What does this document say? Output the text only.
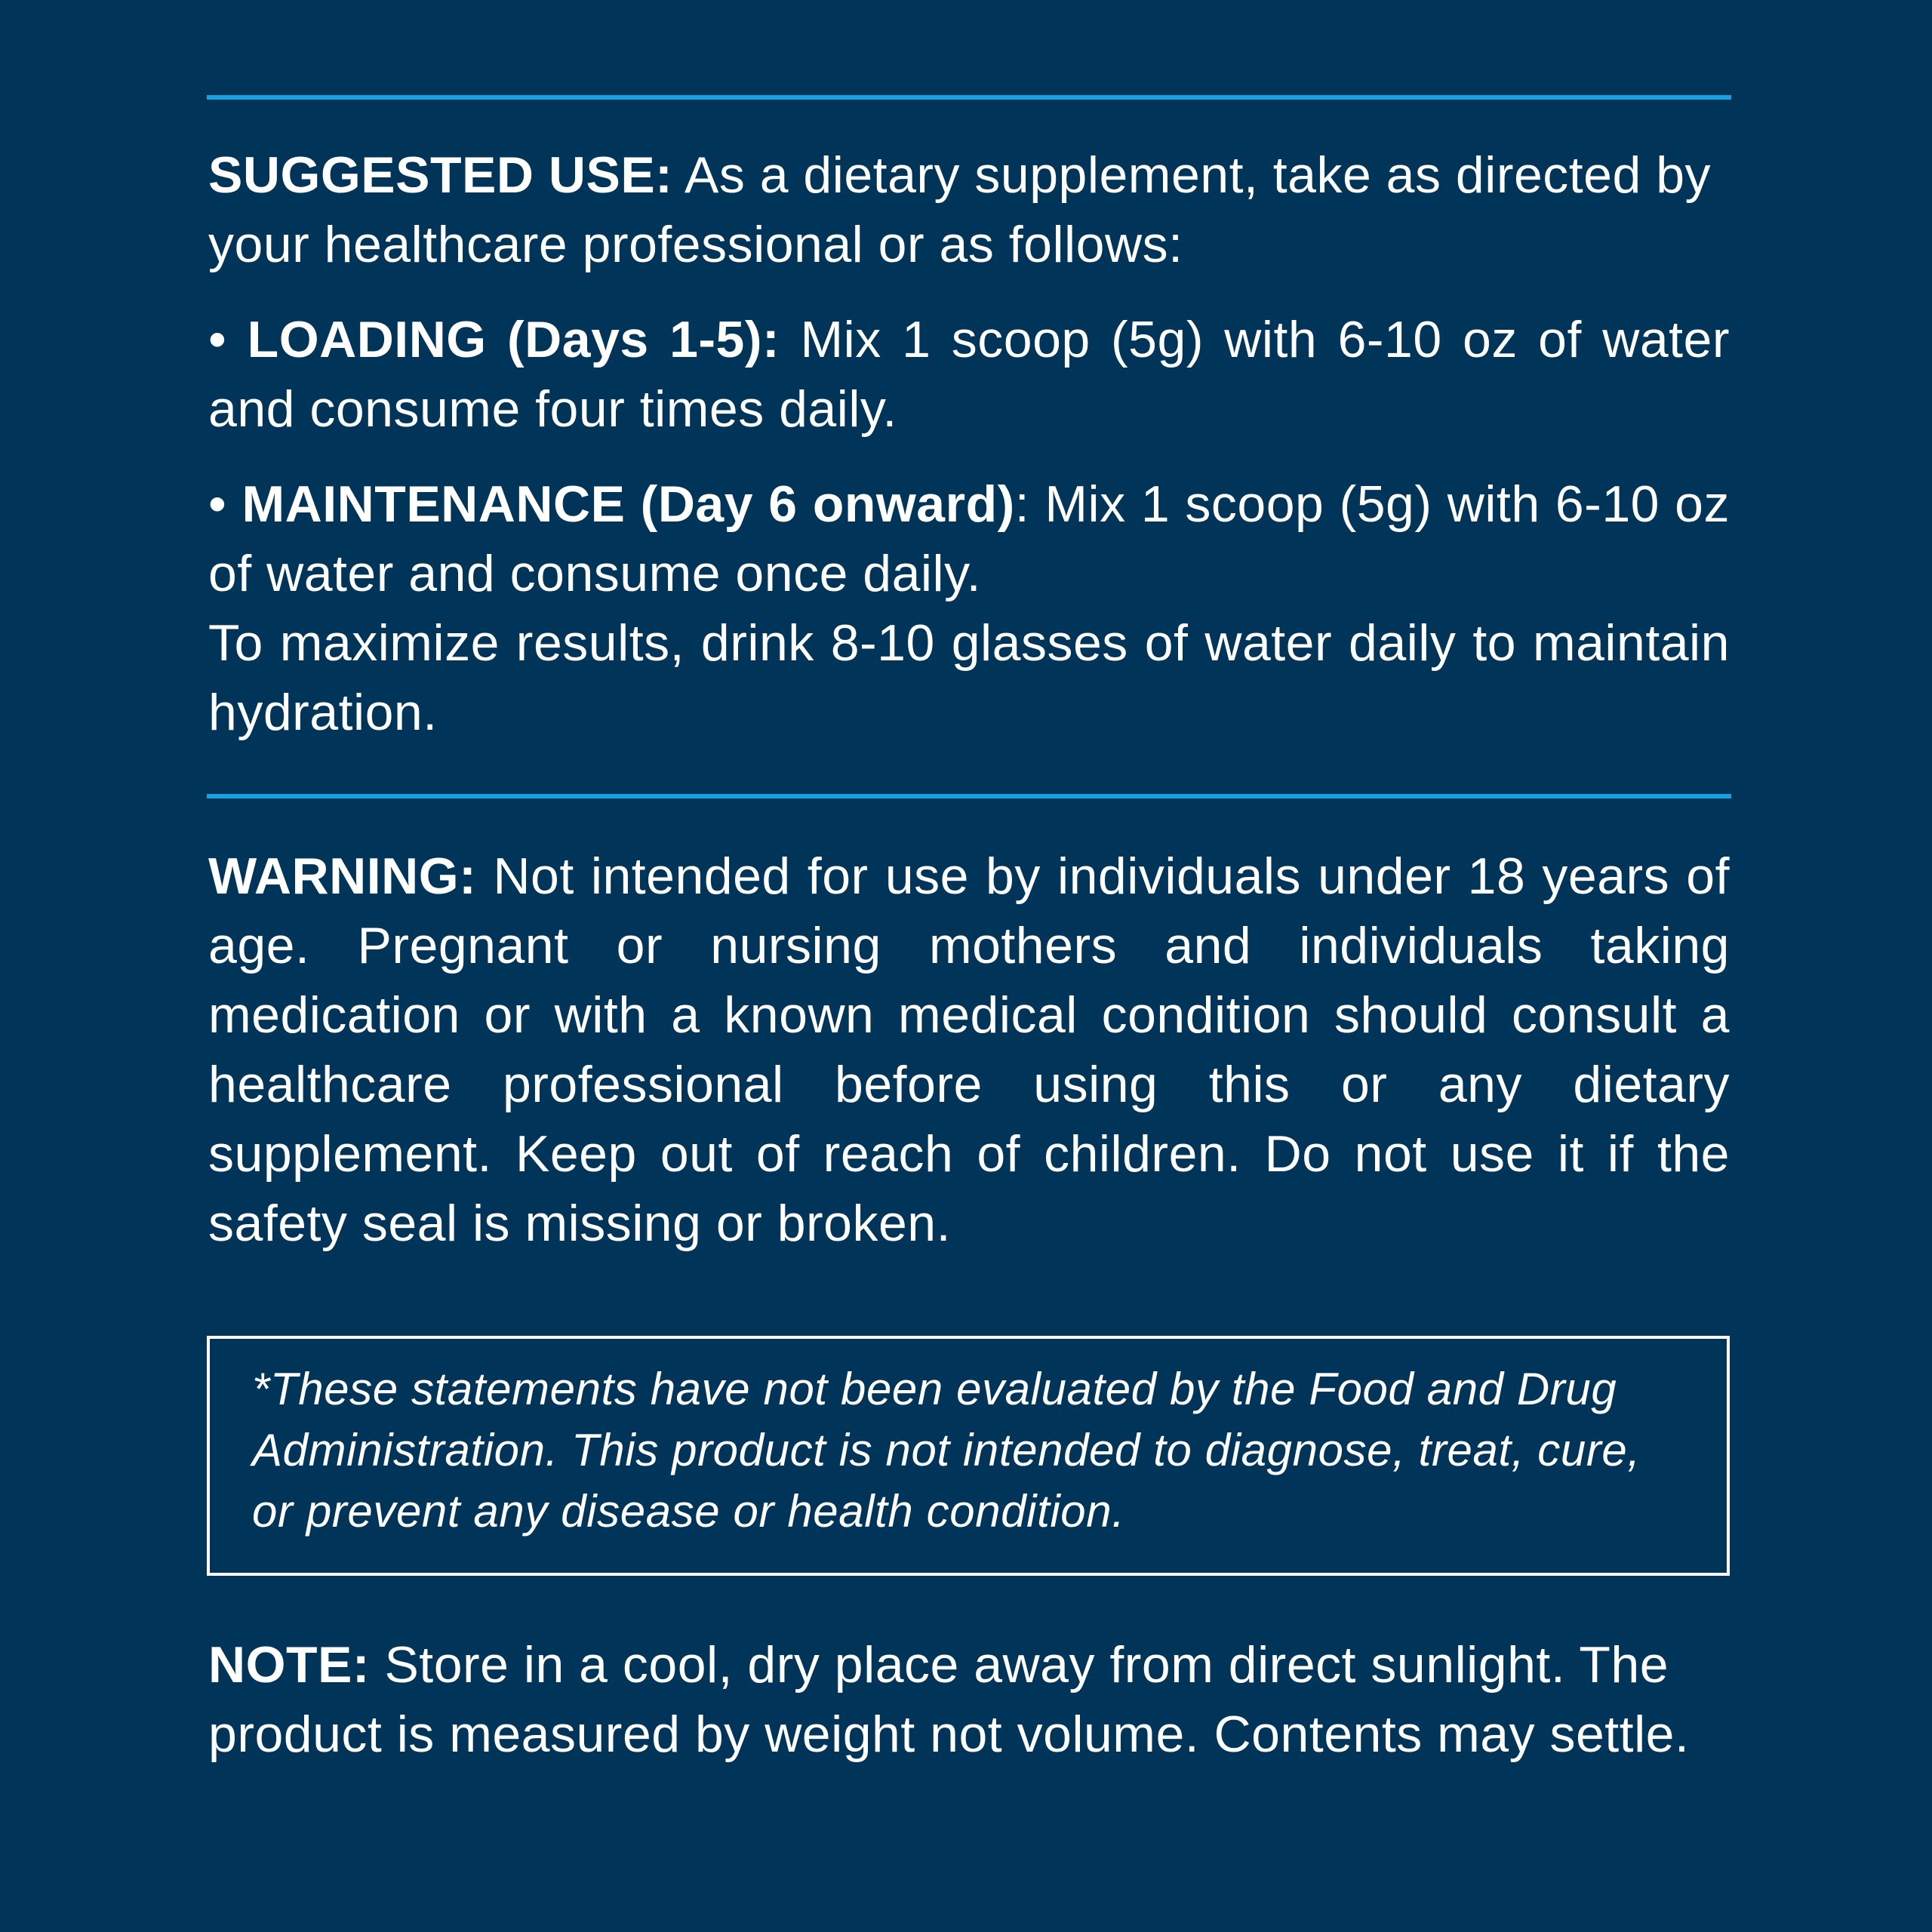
SUGGESTED USE: As a dietary supplement, take as directed by your healthcare professional or as follows:

• LOADING (Days 1-5): Mix 1 scoop (5g) with 6-10 oz of water and consume four times daily.

• MAINTENANCE (Day 6 onward): Mix 1 scoop (5g) with 6-10 oz of water and consume once daily.

To maximize results, drink 8-10 glasses of water daily to maintain hydration.

WARNING: Not intended for use by individuals under 18 years of age. Pregnant or nursing mothers and individuals taking medication or with a known medical condition should consult a healthcare professional before using this or any dietary supplement. Keep out of reach of children. Do not use it if the safety seal is missing or broken.

*These statements have not been evaluated by the Food and Drug Administration. This product is not intended to diagnose, treat, cure, or prevent any disease or health condition.

NOTE: Store in a cool, dry place away from direct sunlight. The product is measured by weight not volume. Contents may settle.
